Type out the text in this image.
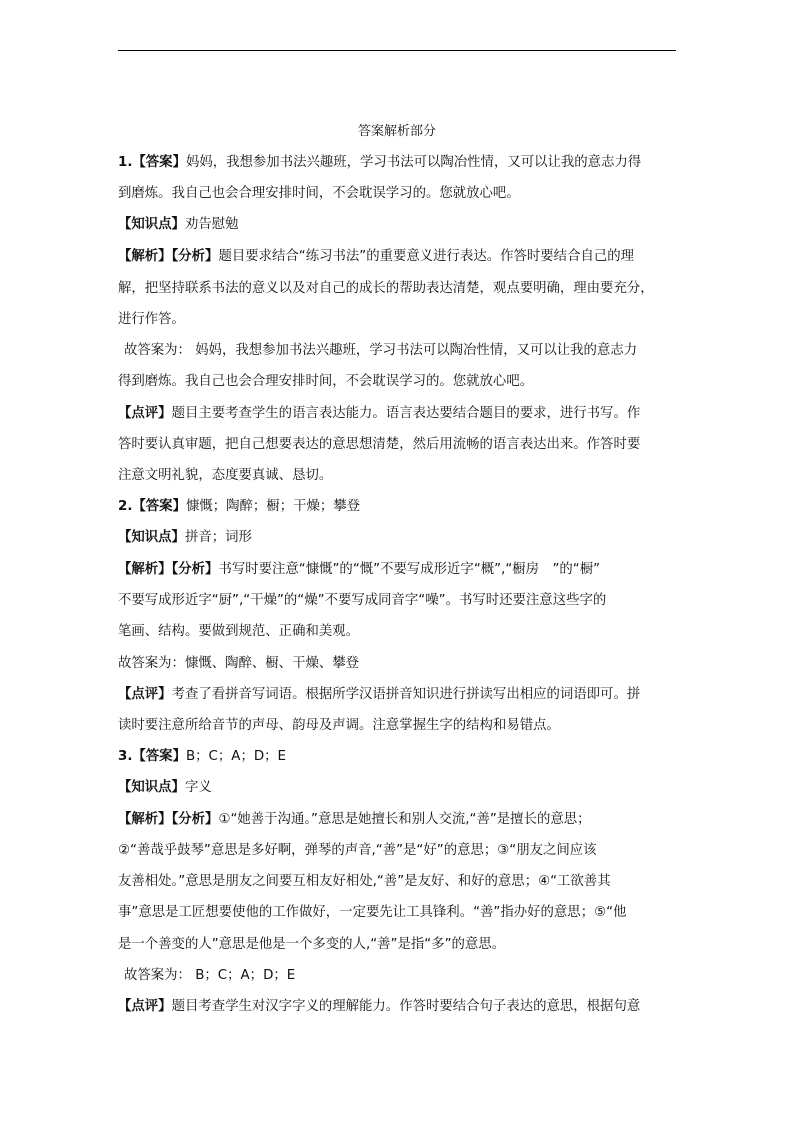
答案解析部分
1.【答案】妈妈，我想参加书法兴趣班，学习书法可以陶冶性情，又可以让我的意志力得
到磨炼。我自己也会合理安排时间，不会耽误学习的。您就放心吧。
【知识点】劝告慰勉
【解析】【分析】题目要求结合“练习书法”的重要意义进行表达。作答时要结合自己的理
解，把坚持联系书法的意义以及对自己的成长的帮助表达清楚，观点要明确，理由要充分，
进行作答。
故答案为： 妈妈，我想参加书法兴趣班，学习书法可以陶冶性情，又可以让我的意志力
得到磨炼。我自己也会合理安排时间，不会耽误学习的。您就放心吧。
【点评】题目主要考查学生的语言表达能力。语言表达要结合题目的要求，进行书写。作
答时要认真审题，把自己想要表达的意思想清楚，然后用流畅的语言表达出来。作答时要
注意文明礼貌，态度要真诚、恳切。
2.【答案】慷慨；陶醉；橱；干燥；攀登
【知识点】拼音；词形
【解析】【分析】书写时要注意“慷慨”的“慨”不要写成形近字“概”,“橱房　”的“橱”
不要写成形近字“厨”,“干燥”的“燥”不要写成同音字“噪”。书写时还要注意这些字的
笔画、结构。要做到规范、正确和美观。
故答案为：慷慨、陶醉、橱、干燥、攀登
【点评】考查了看拼音写词语。根据所学汉语拼音知识进行拼读写出相应的词语即可。拼
读时要注意所给音节的声母、韵母及声调。注意掌握生字的结构和易错点。
3.【答案】B；C；A；D；E
【知识点】字义
【解析】【分析】①“她善于沟通。”意思是她擅长和别人交流,“善”是擅长的意思；
②“善哉乎鼓琴”意思是多好啊，弹琴的声音,“善”是“好”的意思；③“朋友之间应该
友善相处。”意思是朋友之间要互相友好相处,“善”是友好、和好的意思；④“工欲善其
事”意思是工匠想要使他的工作做好，一定要先让工具锋利。“善”指办好的意思；⑤“他
是一个善变的人”意思是他是一个多变的人,“善”是指“多”的意思。
故答案为： B；C；A；D；E
【点评】题目考查学生对汉字字义的理解能力。作答时要结合句子表达的意思，根据句意
